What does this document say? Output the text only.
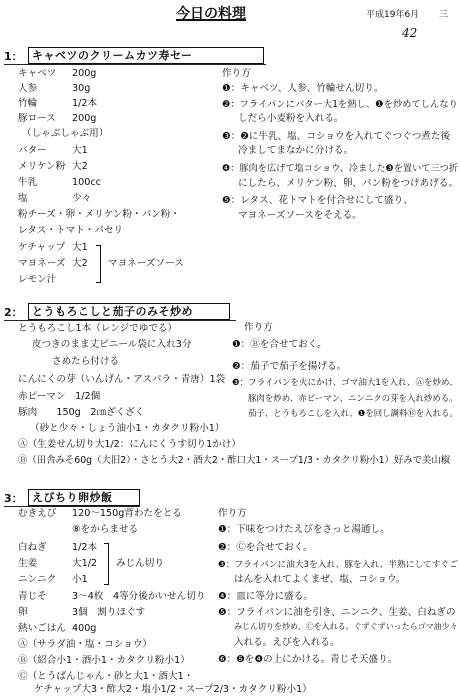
今日の料理	平成19年6月 三
42
1： キャベツのクリームカツ寿セー
作り方
キャベツ 200g
人参	30g
竹輪	1/2本
豚ロース 200g
（しゃぶしゃぶ用）
バター	大1
メリケン粉 大2
牛乳	100cc
塩	少々
粉チーズ・卵・メリケン粉・パン粉・
レタス・トマト・パセリ
ケチャップ 大1
マヨネーズ 大2
レモン汁
マヨネーズソース
❶：キャベツ、人参、竹輪せん切り。
❷：フライパンにバター大1を熱し、❶を炒めてしんなり
しだら小麦粉を入れる。
❸：❷に牛乳、塩、コショウを入れてぐつぐつ煮た後
冷ましてまなかに分ける。
❹：豚肉を広げて塩コショウ、冷ました❸を置いて三つ折
にしたら、メリケン粉、卵、パン粉をつけあげる。
❺：レタス、花トマトを付合せにして盛り、
マヨネーズソースをそえる。
2： とうもろこしと茄子のみそ炒め
作り方
とうもろこし1本（レンジでゆでる）
皮つきのまま丈ビニール袋に入れ3分
さめたら付ける
にんにくの芽（いんげん・アスパラ・青唐）1袋
赤ピーマン　1/2個
豚肉　　150g　2㎝ざくざく
（砂と少々・しょう油小1・カタクリ粉小1）
Ⓐ（生姜せん切り大1/2：にんにくうす切り1かけ）
Ⓑ（田舎みそ60g（大旧2）・さとう大2・酒大2・酢口大1・スープ1/3・カタクリ粉小1）好みで美山椒
❶：Ⓑを合せておく。
❷：茄子で茄子を揚げる。
❸：フライパンを火にかけ、ゴマ油大1を入れ、Ⓐを炒め、
豚肉を炒め、赤ピーマン、ニンニクの芽を入れ炒める。
茄子、とうもろこしを入れ、❶を回し調料Ⓑを入れる。
3： えびちり卵炒飯
作り方
むきえび 120～150g背わたをとる
⑧をからませる
白ねぎ	1/2本
生姜	大1/2
ニンニク 小1
みじん切り
青じそ	3～4枚　4等分後かいせん切り
卵	3個　割りほぐす
熱いごはん 400g
Ⓐ（サラダ油・塩・コショウ）
Ⓑ（紹合小1・酒小1・カタクリ粉小1）
Ⓒ（とうばんじゃん・砂と大1・酒大1・
ケチャップ大3・酢大2・塩小1/2・スープ2/3・カタクリ粉小1）
❶：下味をつけたえびをさっと湯通し。
❷：Ⓒを合せておく。
❸：フライパンに油大3を入れ、豚を入れ、半熟にしてすぐご
はんを入れてよくまぜ、塩、コショウ。
❹：皿に等分に盛る。
❺：フライパンに油を引き、ニンニク、生姜、白ねぎの
みじん切りを炒め、Ⓒを入れる。ぐずぐずいったらゴマ油少々
入れる。えびを入れる。
❻：❺を❹の上にかける。青じそ天盛り。
